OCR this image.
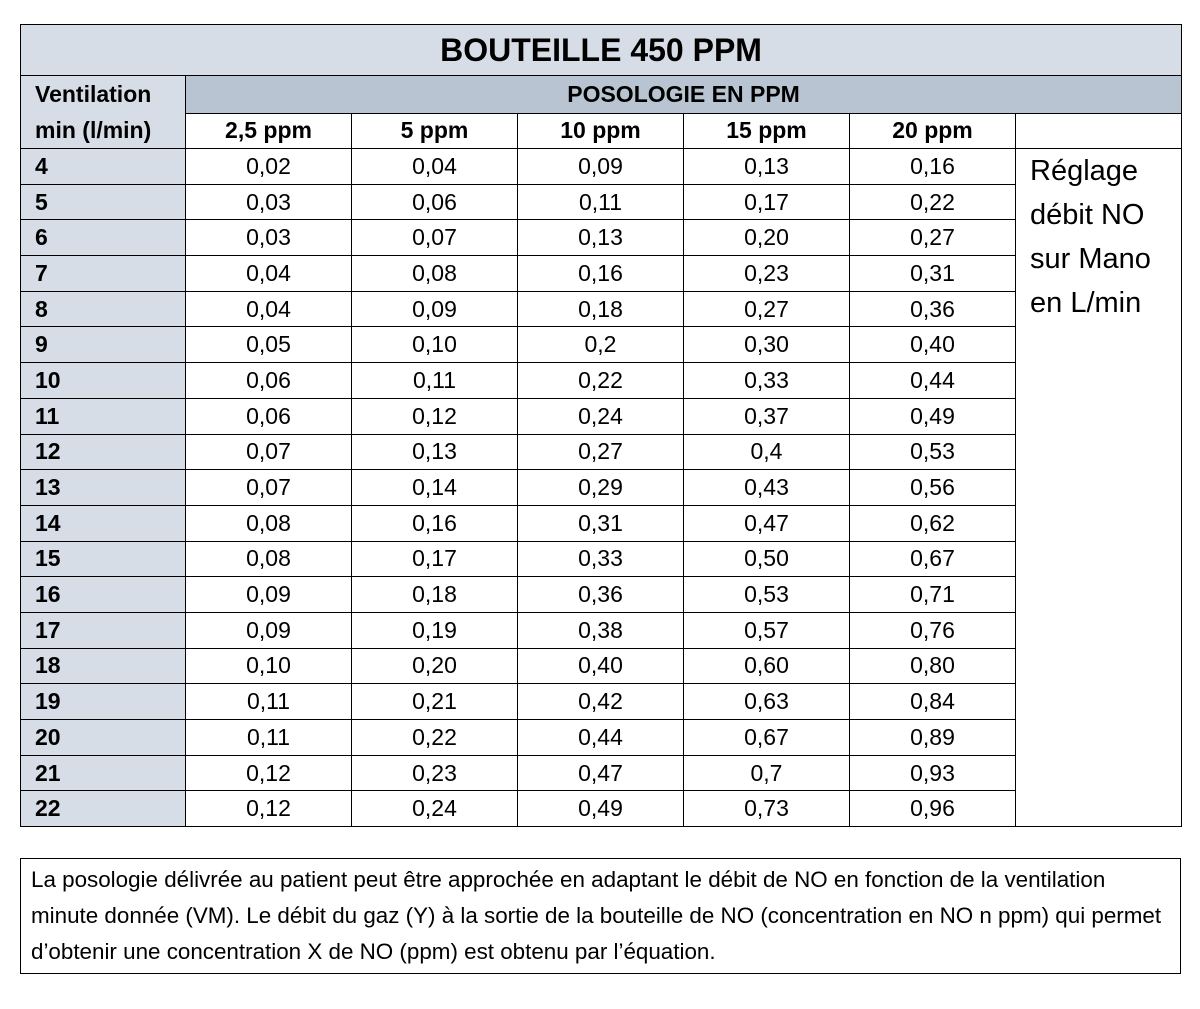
BOUTEILLE 450 PPM						

Ventilation
min (l/min)	POSOLOGIE EN PPM					
	2,5 ppm	5 ppm	10 ppm	15 ppm	20 ppm	
4	0,02	0,04	0,09	0,13	0,16	Réglage débit NO sur Mano en L/min

5	0,03	0,06	0,11	0,17	0,22	
6	0,03	0,07	0,13	0,20	0,27	
7	0,04	0,08	0,16	0,23	0,31	
8	0,04	0,09	0,18	0,27	0,36	
9	0,05	0,10	0,2	0,30	0,40	
10	0,06	0,11	0,22	0,33	0,44	
11	0,06	0,12	0,24	0,37	0,49	
12	0,07	0,13	0,27	0,4	0,53	
13	0,07	0,14	0,29	0,43	0,56	
14	0,08	0,16	0,31	0,47	0,62	
15	0,08	0,17	0,33	0,50	0,67	
16	0,09	0,18	0,36	0,53	0,71	
17	0,09	0,19	0,38	0,57	0,76	
18	0,10	0,20	0,40	0,60	0,80	
19	0,11	0,21	0,42	0,63	0,84	
20	0,11	0,22	0,44	0,67	0,89	
21	0,12	0,23	0,47	0,7	0,93	
22	0,12	0,24	0,49	0,73	0,96	
La posologie délivrée au patient peut être approchée en adaptant le débit de NO en fonction de la ventilation minute donnée (VM). Le débit du gaz (Y) à la sortie de la bouteille de NO (concentration en NO n ppm) qui permet d’obtenir une concentration X de NO (ppm) est obtenu par l’équation.
